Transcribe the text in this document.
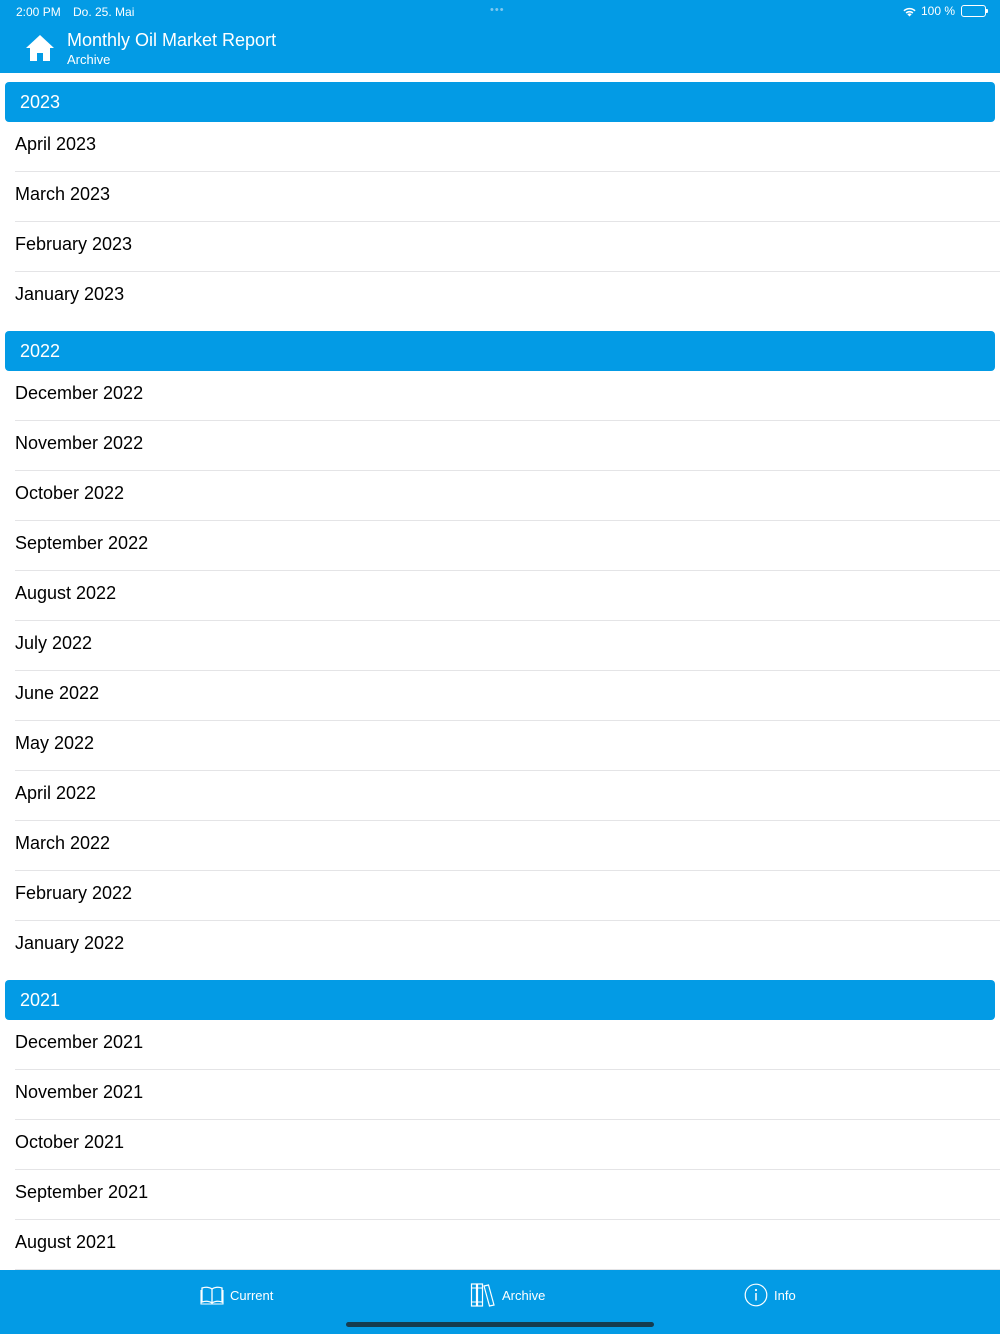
2:00 PM Do. 25. Mai	•••	100 %
Monthly Oil Market Report
Archive
2023
April 2023
March 2023
February 2023
January 2023
2022
December 2022
November 2022
October 2022
September 2022
August 2022
July 2022
June 2022
May 2022
April 2022
March 2022
February 2022
January 2022
2021
December 2021
November 2021
October 2021
September 2021
August 2021
Current	Archive	Info
